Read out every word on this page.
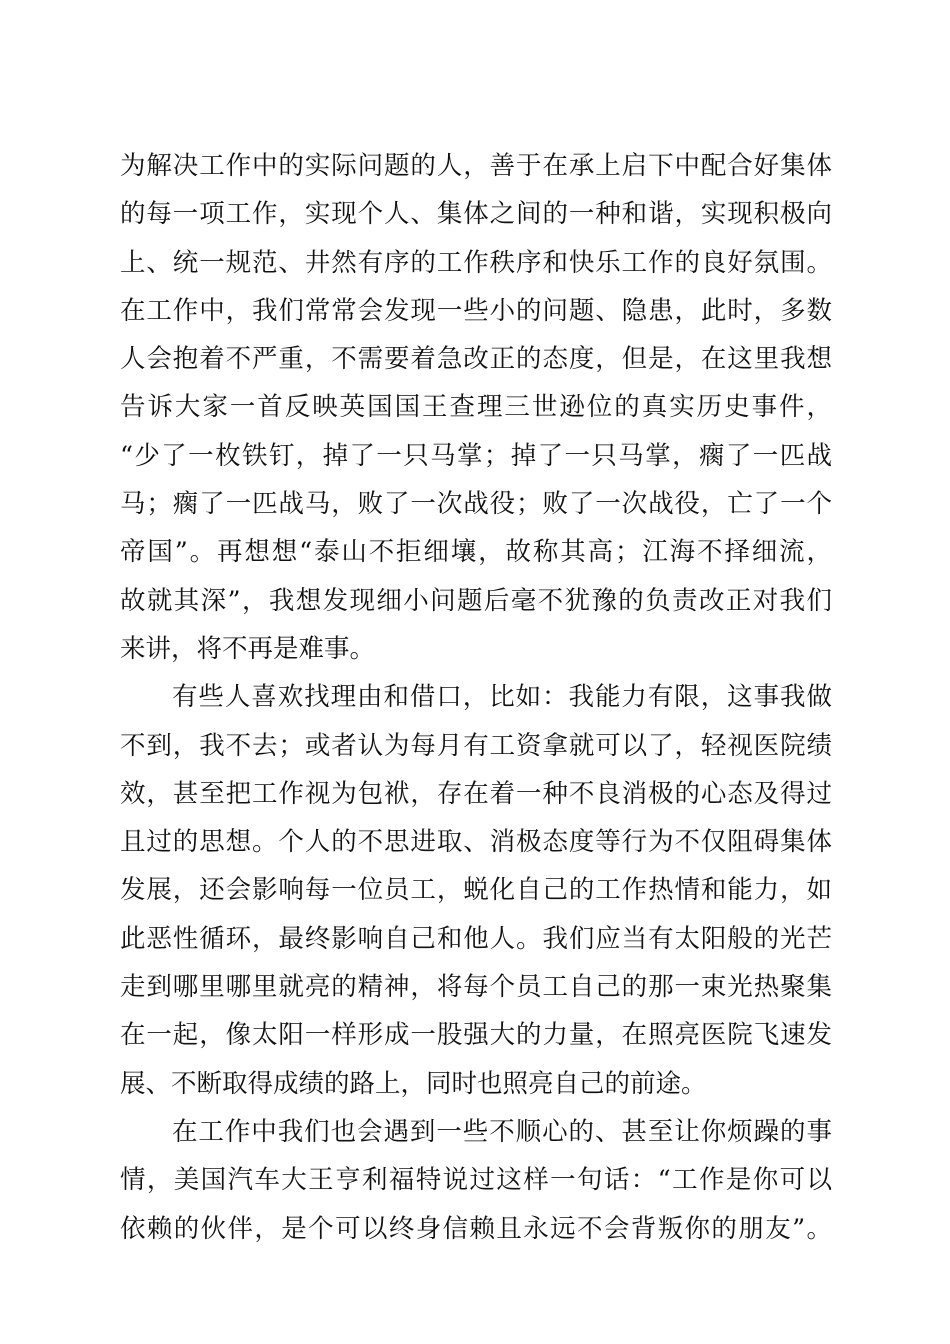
为解决工作中的实际问题的人，善于在承上启下中配合好集体
的每一项工作，实现个人、集体之间的一种和谐，实现积极向
上、统一规范、井然有序的工作秩序和快乐工作的良好氛围。
在工作中，我们常常会发现一些小的问题、隐患，此时，多数
人会抱着不严重，不需要着急改正的态度，但是，在这里我想
告诉大家一首反映英国国王查理三世逊位的真实历史事件，
“少了一枚铁钉，掉了一只马掌；掉了一只马掌，瘸了一匹战
马；瘸了一匹战马，败了一次战役；败了一次战役，亡了一个
帝国”。再想想“泰山不拒细壤，故称其高；江海不择细流，
故就其深”，我想发现细小问题后毫不犹豫的负责改正对我们
来讲，将不再是难事。
有些人喜欢找理由和借口，比如：我能力有限，这事我做
不到，我不去；或者认为每月有工资拿就可以了，轻视医院绩
效，甚至把工作视为包袱，存在着一种不良消极的心态及得过
且过的思想。个人的不思进取、消极态度等行为不仅阻碍集体
发展，还会影响每一位员工，蜕化自己的工作热情和能力，如
此恶性循环，最终影响自己和他人。我们应当有太阳般的光芒
走到哪里哪里就亮的精神，将每个员工自己的那一束光热聚集
在一起，像太阳一样形成一股强大的力量，在照亮医院飞速发
展、不断取得成绩的路上，同时也照亮自己的前途。
在工作中我们也会遇到一些不顺心的、甚至让你烦躁的事
情，美国汽车大王亨利福特说过这样一句话：“工作是你可以
依赖的伙伴，是个可以终身信赖且永远不会背叛你的朋友”。
